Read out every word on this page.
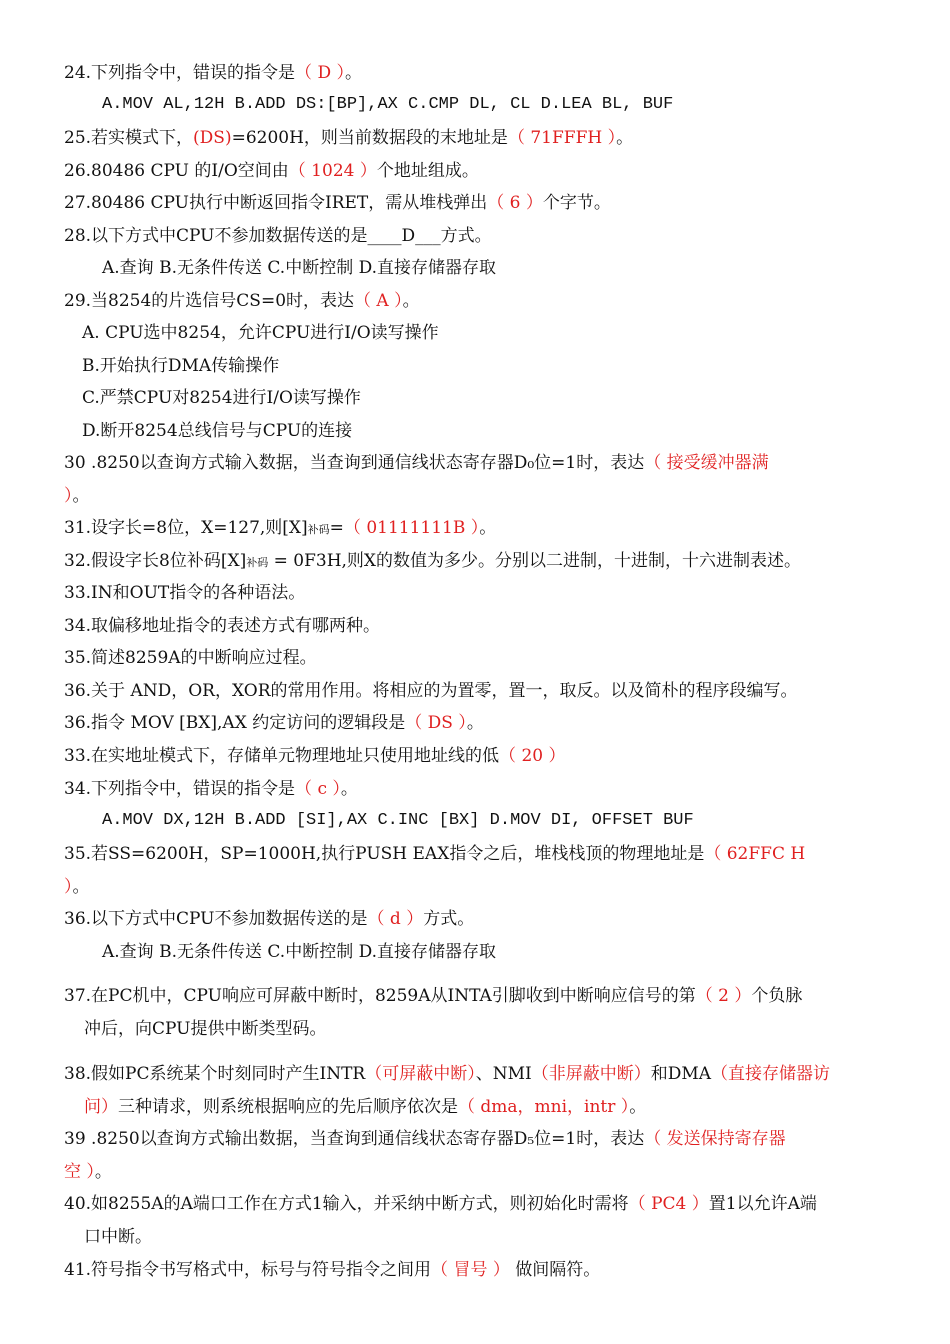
24.下列指令中，错误的指令是（ D ）。
A.MOV AL,12H B.ADD DS:[BP],AX C.CMP DL, CL D.LEA BL, BUF
25.若实模式下，(DS)=6200H，则当前数据段的末地址是（ 71FFFH ）。
26.80486 CPU 的I/O空间由（ 1024 ）个地址组成。
27.80486 CPU执行中断返回指令IRET，需从堆栈弹出（ 6 ）个字节。
28.以下方式中CPU不参加数据传送的是____D___方式。
A.查询 B.无条件传送 C.中断控制 D.直接存储器存取
29.当8254的片选信号CS=0时，表达（ A ）。
A. CPU选中8254，允许CPU进行I/O读写操作
B.开始执行DMA传输操作
C.严禁CPU对8254进行I/O读写操作
D.断开8254总线信号与CPU的连接
30 .8250以查询方式输入数据，当查询到通信线状态寄存器D₀位=1时，表达（ 接受缓冲器满
）。
31.设字长=8位，X=127,则[X]补码=（ 01111111B ）。
32.假设字长8位补码[X]补码 = 0F3H,则X的数值为多少。分别以二进制，十进制，十六进制表述。
33.IN和OUT指令的各种语法。
34.取偏移地址指令的表述方式有哪两种。
35.简述8259A的中断响应过程。
36.关于 AND，OR，XOR的常用作用。将相应的为置零，置一，取反。以及简朴的程序段编写。
36.指令 MOV [BX],AX 约定访问的逻辑段是（ DS ）。
33.在实地址模式下，存储单元物理地址只使用地址线的低（ 20 ）
34.下列指令中，错误的指令是（ c ）。
A.MOV DX,12H B.ADD [SI],AX C.INC [BX] D.MOV DI, OFFSET BUF
35.若SS=6200H，SP=1000H,执行PUSH EAX指令之后，堆栈栈顶的物理地址是（ 62FFC H
）。
36.以下方式中CPU不参加数据传送的是（ d ）方式。
A.查询 B.无条件传送 C.中断控制 D.直接存储器存取
37.在PC机中，CPU响应可屏蔽中断时，8259A从INTA引脚收到中断响应信号的第（ 2 ）个负脉
冲后，向CPU提供中断类型码。
38.假如PC系统某个时刻同时产生INTR（可屏蔽中断）、NMI（非屏蔽中断）和DMA（直接存储器访
问）三种请求，则系统根据响应的先后顺序依次是（ dma，mni，intr ）。
39 .8250以查询方式输出数据，当查询到通信线状态寄存器D₅位=1时，表达（ 发送保持寄存器
空 ）。
40.如8255A的A端口工作在方式1输入，并采纳中断方式，则初始化时需将（ PC4 ）置1以允许A端
口中断。
41.符号指令书写格式中，标号与符号指令之间用（ 冒号 ） 做间隔符。
